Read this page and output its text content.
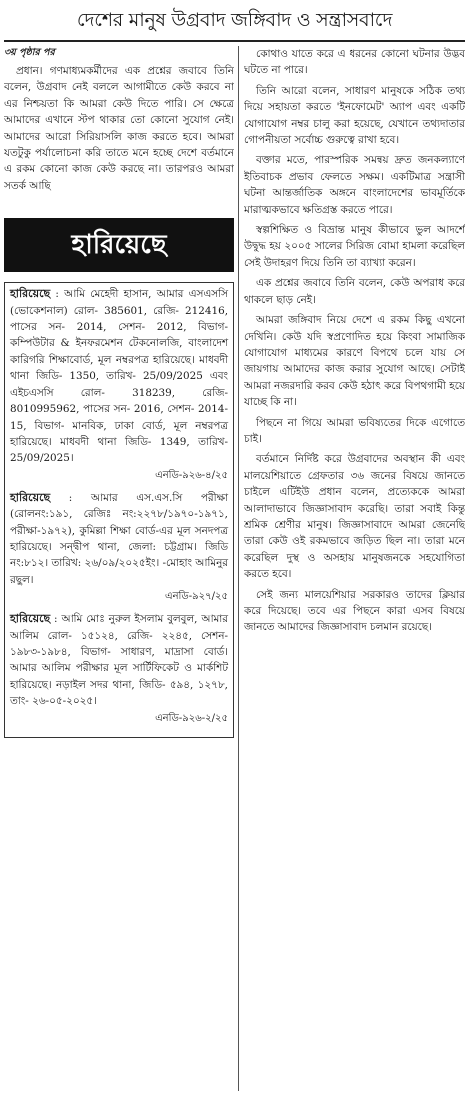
দেশের মানুষ উগ্রবাদ জঙ্গিবাদ ও সন্ত্রাসবাদে
৩য় পৃষ্ঠার পর

প্রধান। গণমাধ্যমকর্মীদের এক প্রশ্নের জবাবে তিনি বলেন, উগ্রবাদ নেই বললে আগামীতে কেউ করবে না এর নিশ্চয়তা কি আমরা কেউ দিতে পারি। সে ক্ষেত্রে আমাদের এখানে স্টপ থাকার তো কোনো সুযোগ নেই। আমাদের আরো সিরিয়াসলি কাজ করতে হবে। আমরা যতটুকু পর্যালোচনা করি তাতে মনে হচ্ছে দেশে বর্তমানে এ রকম কোনো কাজ কেউ করছে না। তারপরও আমরা সতর্ক আছি

হারিয়েছে

হারিয়েছে : আমি মেহেদী হাসান, আমার এসএসসি (ভোকেশনাল) রোল- 385601, রেজি- 212416, পাসের সন- 2014, সেশন- 2012, বিভাগ- কম্পিউটার & ইনফরমেশন টেকনোলজি, বাংলাদেশ কারিগরি শিক্ষাবোর্ড, মূল নম্বরপত্র হারিয়েছে। মাধবদী থানা জিডি- 1350, তারিখ- 25/09/2025 এবং এইচএসসি রোল- 318239, রেজি- 8010995962, পাসের সন- 2016, সেশন- 2014-15, বিভাগ- মানবিক, ঢাকা বোর্ড, মূল নম্বরপত্র হারিয়েছে। মাধবদী থানা জিডি- 1349, তারিখ- 25/09/2025।

এনডি-৯২৬-৪/২৫

হারিয়েছে : আমার এস.এস.সি পরীক্ষা (রোলনং:১৯১, রেজিঃ নং:২২৭৮/১৯৭০-১৯৭১, পরীক্ষা-১৯৭২), কুমিল্লা শিক্ষা বোর্ড-এর মূল সনদপত্র হারিয়েছে। সন্দ্বীপ থানা, জেলা: চট্টগ্রাম। জিডি নং:৮১২। তারিখ: ২৬/০৯/২০২৫ইং। -মোহাং আমিনুর রছুল।

এনডি-৯২৭/২৫

হারিয়েছে : আমি মোঃ নুরুল ইসলাম বুলবুল, আমার আলিম রোল- ১৫১২৪, রেজি- ২২৪৫, সেশন- ১৯৮৩-১৯৮৪, বিভাগ- সাধারণ, মাদ্রাসা বোর্ড। আমার আলিম পরীক্ষার মূল সার্টিফিকেট ও মার্কশিট হারিয়েছে। নড়াইল সদর থানা, জিডি- ৫৯৪, ১২৭৮, তাং- ২৬-০৫-২০২৫।

এনডি-৯২৬-২/২৫

কোথাও যাতে করে এ ধরনের কোনো ঘটনার উদ্ভব ঘটতে না পারে।

তিনি আরো বলেন, সাধারণ মানুষকে সঠিক তথ্য দিয়ে সহায়তা করতে 'ইনফোমেট' অ্যাপ এবং একটি যোগাযোগ নম্বর চালু করা হয়েছে, যেখানে তথ্যদাতার গোপনীয়তা সর্বোচ্চ গুরুত্বে রাখা হবে।

বক্তার মতে, পারস্পরিক সমন্বয় দ্রুত জনকল্যাণে ইতিবাচক প্রভাব ফেলতে সক্ষম। একটিমাত্র সন্ত্রাসী ঘটনা আন্তর্জাতিক অঙ্গনে বাংলাদেশের ভাবমূর্তিকে মারাত্মকভাবে ক্ষতিগ্রস্ত করতে পারে।

স্বল্পশিক্ষিত ও বিভ্রান্ত মানুষ কীভাবে ভুল আদর্শে উদ্বুদ্ধ হয় ২০০৫ সালের সিরিজ বোমা হামলা করেছিল সেই উদাহরণ দিয়ে তিনি তা ব্যাখ্যা করেন।

এক প্রশ্নের জবাবে তিনি বলেন, কেউ অপরাধ করে থাকলে ছাড় নেই।

আমরা জঙ্গিবাদ নিয়ে দেশে এ রকম কিছু এখনো দেখিনি। কেউ যদি স্বপ্রণোদিত হয়ে কিংবা সামাজিক যোগাযোগ মাধ্যমের কারণে বিপথে চলে যায় সে জায়গায় আমাদের কাজ করার সুযোগ আছে। সেটাই আমরা নজরদারি করব কেউ হঠাৎ করে বিপথগামী হয়ে যাচ্ছে কি না।

পিছনে না গিয়ে আমরা ভবিষ্যতের দিকে এগোতে চাই।

বর্তমানে নির্দিষ্ট করে উগ্রবাদের অবস্থান কী এবং মালয়েশিয়াতে গ্রেফতার ৩৬ জনের বিষয়ে জানতে চাইলে এটিইউ প্রধান বলেন, প্রত্যেককে আমরা আলাদাভাবে জিজ্ঞাসাবাদ করেছি। তারা সবাই কিন্তু শ্রমিক শ্রেণীর মানুষ। জিজ্ঞাসাবাদে আমরা জেনেছি তারা কেউ ওই রকমভাবে জড়িত ছিল না। তারা মনে করেছিল দুস্থ ও অসহায় মানুষজনকে সহযোগিতা করতে হবে।

সেই জন্য মালয়েশিয়ার সরকারও তাদের ক্লিয়ার করে দিয়েছে। তবে এর পিছনে কারা এসব বিষয়ে জানতে আমাদের জিজ্ঞাসাবাদ চলমান রয়েছে।
